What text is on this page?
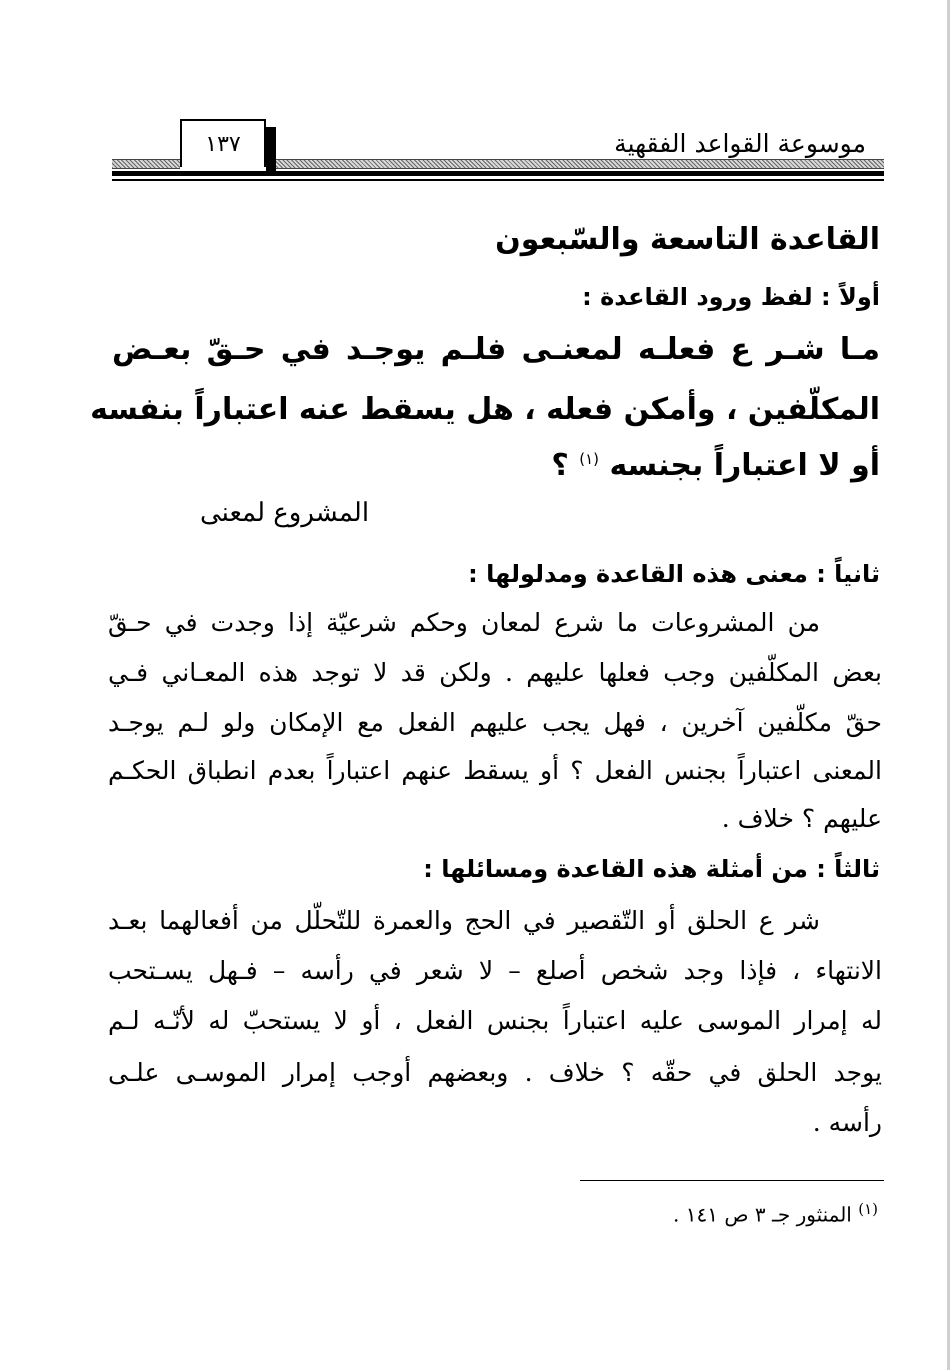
١٣٧	موسوعة القواعد الفقهية
القاعدة التاسعة والسّبعون
أولاً : لفظ ورود القاعدة :
مـا شـر ع فعلـه لمعنـى فلـم يوجـد في حـقّ بعـض
المكلّفين ، وأمكن فعله ، هل يسقط عنه اعتباراً بنفسه
أو لا اعتباراً بجنسه $^{(١)}$ ؟
المشروع لمعنى
ثانياً : معنى هذه القاعدة ومدلولها :
من المشروعات ما شرع لمعان وحكم شرعيّة إذا وجدت في حـقّ
بعض المكلّفين وجب فعلها عليهم . ولكن قد لا توجد هذه المعـاني فـي
حقّ مكلّفين آخرين ، فهل يجب عليهم الفعل مع الإمكان ولو لـم يوجـد
المعنى اعتباراً بجنس الفعل ؟ أو يسقط عنهم اعتباراً بعدم انطباق الحكـم
عليهم ؟ خلاف .
ثالثاً : من أمثلة هذه القاعدة ومسائلها :
شر ع الحلق أو التّقصير في الحج والعمرة للتّحلّل من أفعالهما بعـد
الانتهاء ، فإذا وجد شخص أصلع – لا شعر في رأسه – فـهل يسـتحب
له إمرار الموسى عليه اعتباراً بجنس الفعل ، أو لا يستحبّ له لأنّـه لـم
يوجد الحلق في حقّه ؟ خلاف . وبعضهم أوجب إمرار الموسـى علـى
رأسه .
$^{(١)}$ المنثور جـ ٣ ص ١٤١ .
